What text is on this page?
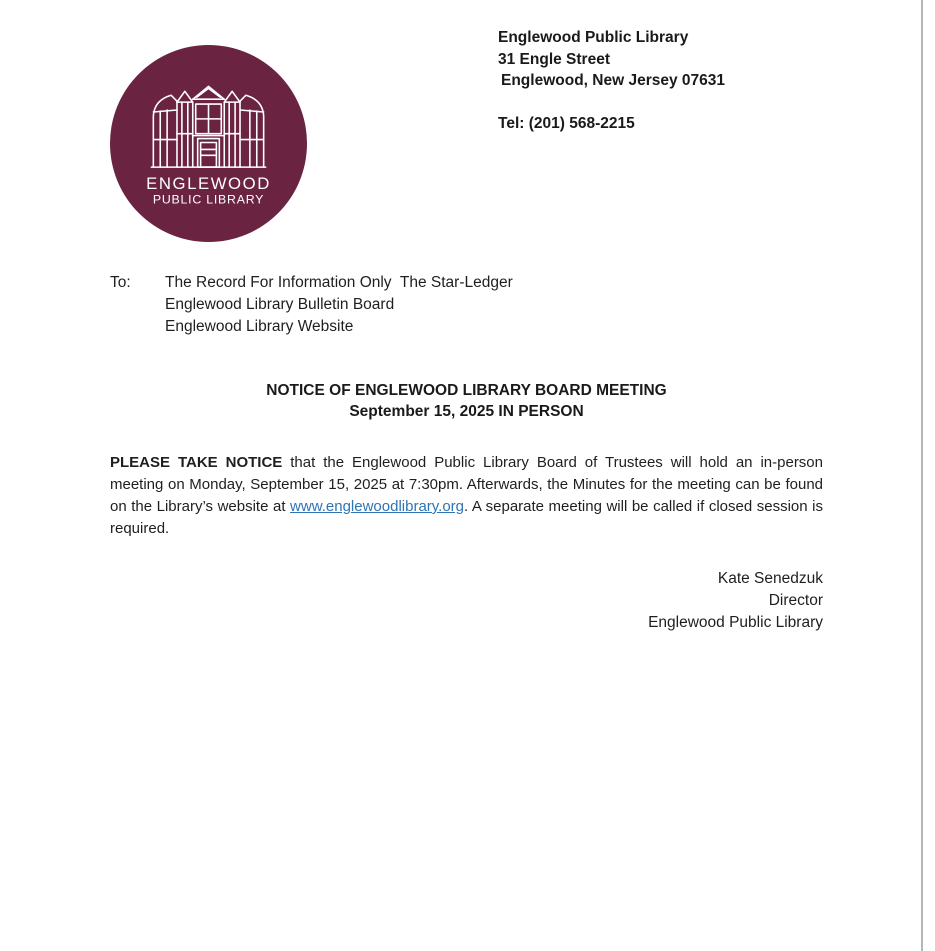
ENGLEWOOD
PUBLIC LIBRARY
Englewood Public Library
31 Engle Street
Englewood, New Jersey 07631
Tel: (201) 568-2215
To:	The Record For Information Only  The Star-Ledger
Englewood Library Bulletin Board
Englewood Library Website
NOTICE OF ENGLEWOOD LIBRARY BOARD MEETING
September 15, 2025 IN PERSON

PLEASE TAKE NOTICE that the Englewood Public Library Board of Trustees will hold an in-person meeting on Monday, September 15, 2025 at 7:30pm. Afterwards, the Minutes for the meeting can be found on the Library’s website at www.englewoodlibrary.org. A separate meeting will be called if closed session is required.

Kate Senedzuk
Director
Englewood Public Library
